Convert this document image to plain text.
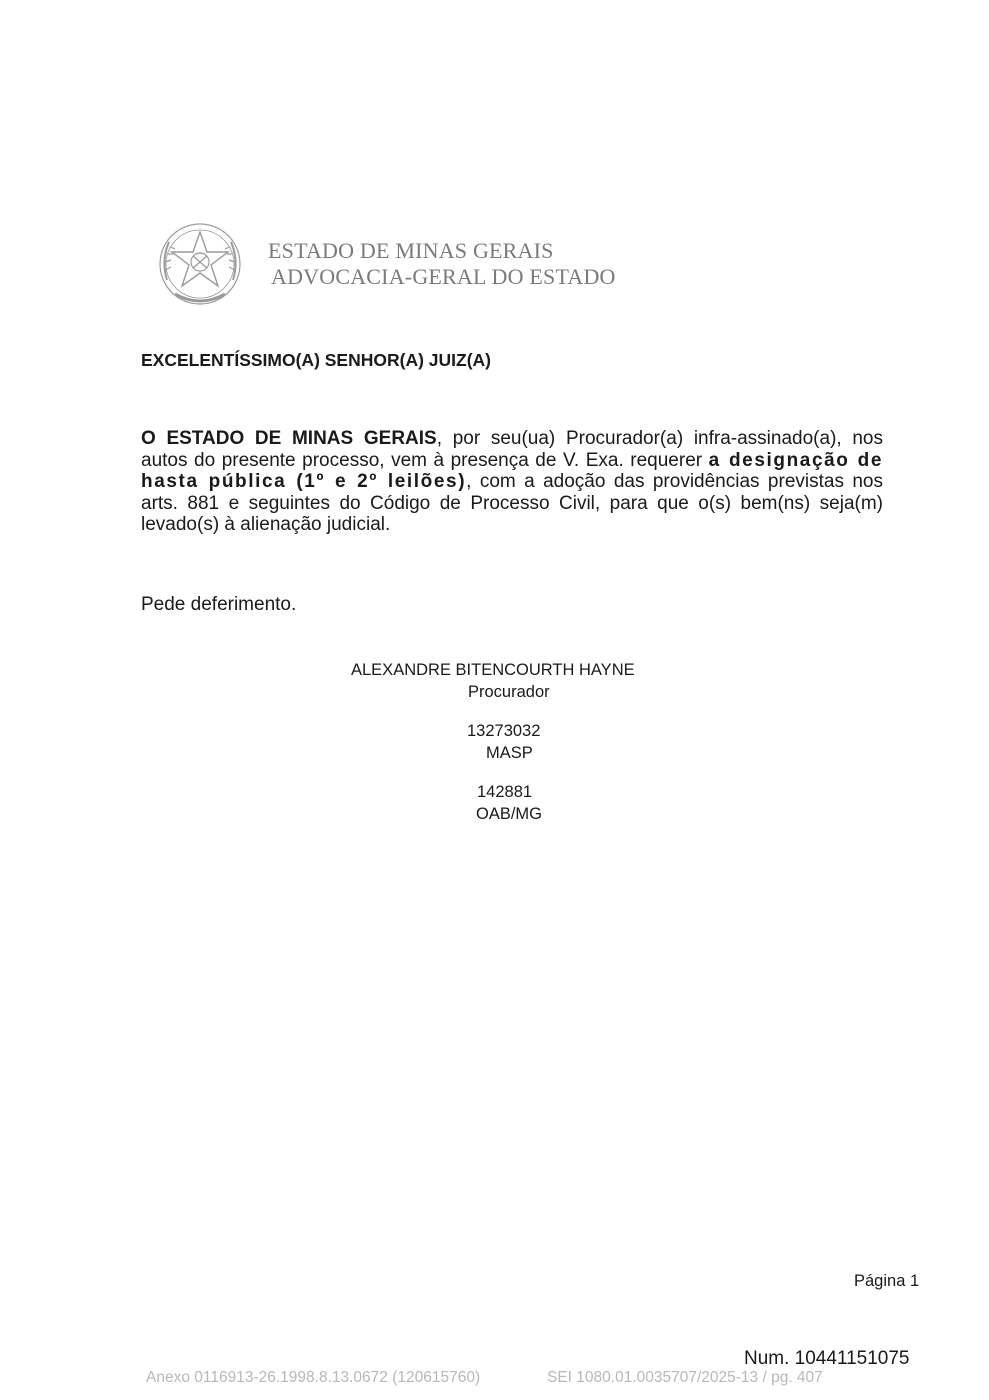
ESTADO DE MINAS GERAIS
ADVOCACIA-GERAL DO ESTADO
EXCELENTÍSSIMO(A) SENHOR(A) JUIZ(A)
O ESTADO DE MINAS GERAIS, por seu(ua) Procurador(a) infra-assinado(a), nos autos do presente processo, vem à presença de V. Exa. requerer a designação de hasta pública (1º e 2º leilões), com a adoção das providências previstas nos arts. 881 e seguintes do Código de Processo Civil, para que o(s) bem(ns) seja(m) levado(s) à alienação judicial.
Pede deferimento.
ALEXANDRE BITENCOURTH HAYNE
Procurador
13273032
MASP
142881
OAB/MG
Página 1
Num. 10441151075
Anexo 0116913-26.1998.8.13.0672 (120615760)	SEI 1080.01.0035707/2025-13 / pg. 407
